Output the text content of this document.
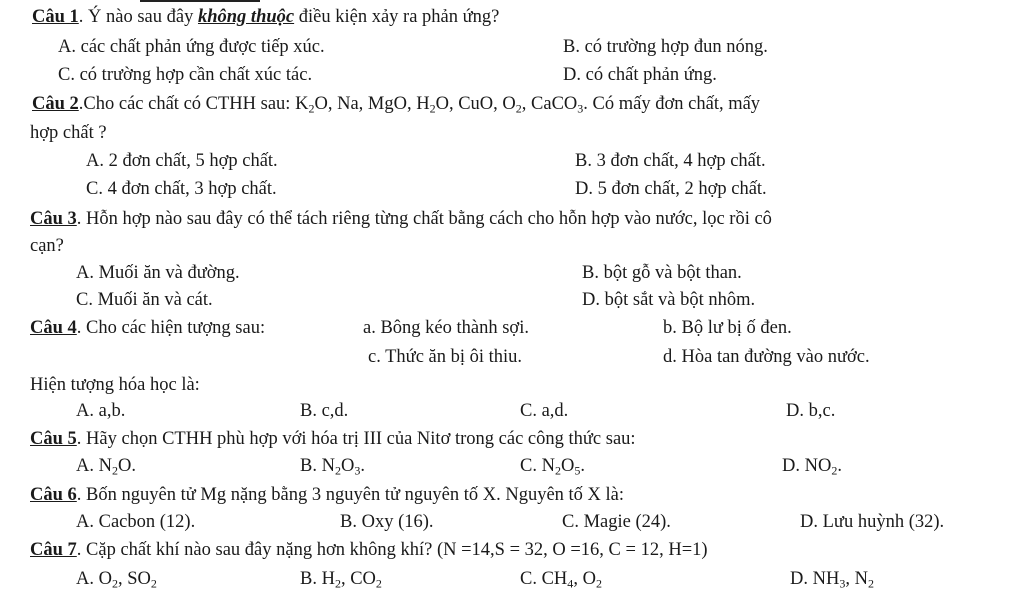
Câu 1. Ý nào sau đây không thuộc điều kiện xảy ra phản ứng?
A. các chất phản ứng được tiếp xúc.	B. có trường hợp đun nóng.
C. có trường hợp cần chất xúc tác.	D. có chất phản ứng.
Câu 2.Cho các chất có CTHH sau: $K_2O$, Na, MgO, $H_2O$, CuO, $O_2$, CaCO$_3$. Có mấy đơn chất, mấy
hợp chất ?
A. 2 đơn chất, 5 hợp chất.	B. 3 đơn chất, 4 hợp chất.
C. 4 đơn chất, 3 hợp chất.	D. 5 đơn chất, 2 hợp chất.
Câu 3. Hỗn hợp nào sau đây có thể tách riêng từng chất bằng cách cho hỗn hợp vào nước, lọc rồi cô
cạn?
A. Muối ăn và đường.	B. bột gỗ và bột than.
C. Muối ăn và cát.	D. bột sắt và bột nhôm.
Câu 4. Cho các hiện tượng sau:	a. Bông kéo thành sợi.	b. Bộ lư bị ố đen.
c. Thức ăn bị ôi thiu.	d. Hòa tan đường vào nước.
Hiện tượng hóa học là:
A. a,b.	B. c,d.	C. a,d.	D. b,c.
Câu 5. Hãy chọn CTHH phù hợp với hóa trị III của Nitơ trong các công thức sau:
A. $N_2O$.	B. $N_2O_3$.	C. $N_2O_5$.	D. $NO_2$.
Câu 6. Bốn nguyên tử Mg nặng bằng 3 nguyên tử nguyên tố X. Nguyên tố X là:
A. Cacbon (12).	B. Oxy (16).	C. Magie (24).	D. Lưu huỳnh (32).
Câu 7. Cặp chất khí nào sau đây nặng hơn không khí? (N =14,S = 32, O =16, C = 12, H=1)
A. $O_2$, $SO_2$	B. $H_2$, $CO_2$	C. $CH_4$, $O_2$	D. $NH_3$, $N_2$
